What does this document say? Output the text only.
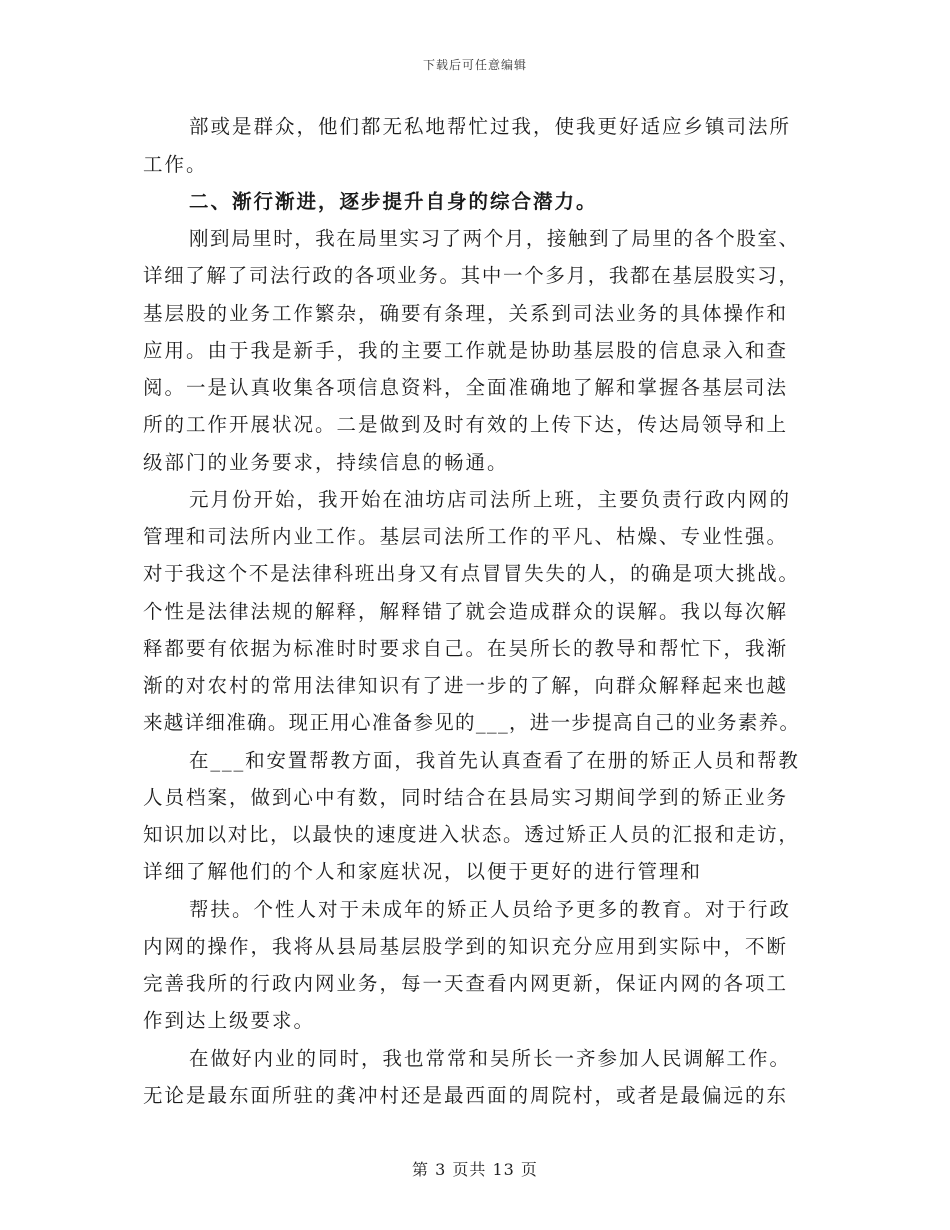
下载后可任意编辑
部或是群众，他们都无私地帮忙过我，使我更好适应乡镇司法所
工作。
二、渐行渐进，逐步提升自身的综合潜力。
刚到局里时，我在局里实习了两个月，接触到了局里的各个股室、
详细了解了司法行政的各项业务。其中一个多月，我都在基层股实习，
基层股的业务工作繁杂，确要有条理，关系到司法业务的具体操作和
应用。由于我是新手，我的主要工作就是协助基层股的信息录入和查
阅。一是认真收集各项信息资料，全面准确地了解和掌握各基层司法
所的工作开展状况。二是做到及时有效的上传下达，传达局领导和上
级部门的业务要求，持续信息的畅通。
元月份开始，我开始在油坊店司法所上班，主要负责行政内网的
管理和司法所内业工作。基层司法所工作的平凡、枯燥、专业性强。
对于我这个不是法律科班出身又有点冒冒失失的人，的确是项大挑战。
个性是法律法规的解释，解释错了就会造成群众的误解。我以每次解
释都要有依据为标准时时要求自己。在吴所长的教导和帮忙下，我渐
渐的对农村的常用法律知识有了进一步的了解，向群众解释起来也越
来越详细准确。现正用心准备参见的___，进一步提高自己的业务素养。
在___和安置帮教方面，我首先认真查看了在册的矫正人员和帮教
人员档案，做到心中有数，同时结合在县局实习期间学到的矫正业务
知识加以对比，以最快的速度进入状态。透过矫正人员的汇报和走访，
详细了解他们的个人和家庭状况，以便于更好的进行管理和
帮扶。个性人对于未成年的矫正人员给予更多的教育。对于行政
内网的操作，我将从县局基层股学到的知识充分应用到实际中，不断
完善我所的行政内网业务，每一天查看内网更新，保证内网的各项工
作到达上级要求。
在做好内业的同时，我也常常和吴所长一齐参加人民调解工作。
无论是最东面所驻的龚冲村还是最西面的周院村，或者是最偏远的东
第 3 页共 13 页
